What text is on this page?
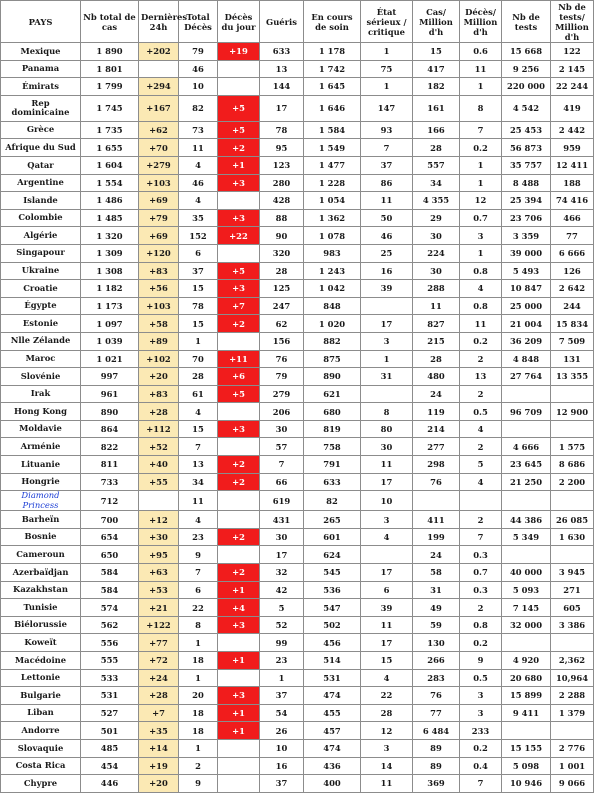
PAYS	Nb total de cas	Dernières 24h	Total Décès	Décès du jour	Guéris	En cours de soin	État sérieux / critique	Cas/ Million d'h	Décès/ Million d'h	Nb de tests	Nb de tests/ Million d'h
Mexique	1 890	+202	79	+19	633	1 178	1	15	0.6	15 668	122
Panama	1 801		46		13	1 742	75	417	11	9 256	2 145
Émirats	1 799	+294	10		144	1 645	1	182	1	220 000	22 244
Rep dominicaine	1 745	+167	82	+5	17	1 646	147	161	8	4 542	419
Grèce	1 735	+62	73	+5	78	1 584	93	166	7	25 453	2 442
Afrique du Sud	1 655	+70	11	+2	95	1 549	7	28	0.2	56 873	959
Qatar	1 604	+279	4	+1	123	1 477	37	557	1	35 757	12 411
Argentine	1 554	+103	46	+3	280	1 228	86	34	1	8 488	188
Islande	1 486	+69	4		428	1 054	11	4 355	12	25 394	74 416
Colombie	1 485	+79	35	+3	88	1 362	50	29	0.7	23 706	466
Algérie	1 320	+69	152	+22	90	1 078	46	30	3	3 359	77
Singapour	1 309	+120	6		320	983	25	224	1	39 000	6 666
Ukraine	1 308	+83	37	+5	28	1 243	16	30	0.8	5 493	126
Croatie	1 182	+56	15	+3	125	1 042	39	288	4	10 847	2 642
Égypte	1 173	+103	78	+7	247	848		11	0.8	25 000	244
Estonie	1 097	+58	15	+2	62	1 020	17	827	11	21 004	15 834
Nlle Zélande	1 039	+89	1		156	882	3	215	0.2	36 209	7 509
Maroc	1 021	+102	70	+11	76	875	1	28	2	4 848	131
Slovénie	997	+20	28	+6	79	890	31	480	13	27 764	13 355
Irak	961	+83	61	+5	279	621		24	2		
Hong Kong	890	+28	4		206	680	8	119	0.5	96 709	12 900
Moldavie	864	+112	15	+3	30	819	80	214	4		
Arménie	822	+52	7		57	758	30	277	2	4 666	1 575
Lituanie	811	+40	13	+2	7	791	11	298	5	23 645	8 686
Hongrie	733	+55	34	+2	66	633	17	76	4	21 250	2 200
Diamond Princess	712		11		619	82	10				
Barheïn	700	+12	4		431	265	3	411	2	44 386	26 085
Bosnie	654	+30	23	+2	30	601	4	199	7	5 349	1 630
Cameroun	650	+95	9		17	624		24	0.3		
Azerbaïdjan	584	+63	7	+2	32	545	17	58	0.7	40 000	3 945
Kazakhstan	584	+53	6	+1	42	536	6	31	0.3	5 093	271
Tunisie	574	+21	22	+4	5	547	39	49	2	7 145	605
Biélorussie	562	+122	8	+3	52	502	11	59	0.8	32 000	3 386
Koweït	556	+77	1		99	456	17	130	0.2		
Macédoine	555	+72	18	+1	23	514	15	266	9	4 920	2,362
Lettonie	533	+24	1		1	531	4	283	0.5	20 680	10,964
Bulgarie	531	+28	20	+3	37	474	22	76	3	15 899	2 288
Liban	527	+7	18	+1	54	455	28	77	3	9 411	1 379
Andorre	501	+35	18	+1	26	457	12	6 484	233		
Slovaquie	485	+14	1		10	474	3	89	0.2	15 155	2 776
Costa Rica	454	+19	2		16	436	14	89	0.4	5 098	1 001
Chypre	446	+20	9		37	400	11	369	7	10 946	9 066
